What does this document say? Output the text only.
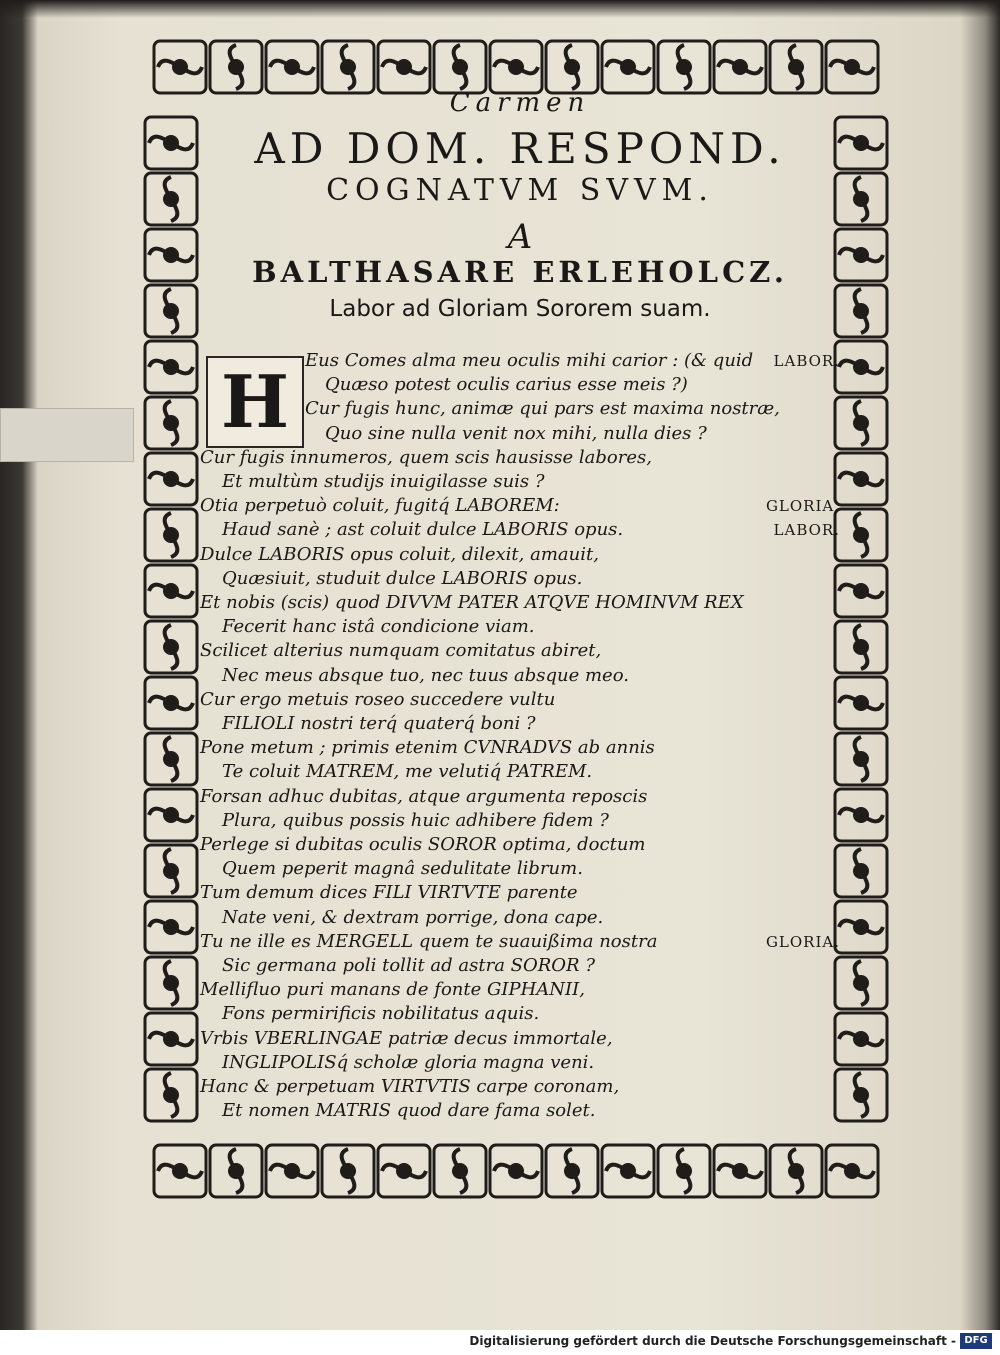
Carmen
AD DOM. RESPOND.
COGNATVM SVVM.
A
BALTHASARE ERLEHOLCZ.
Labor ad Gloriam Sororem suam.
H Eus Comes alma meu oculis mihi carior : (& quid	LABOR.
Quæso potest oculis carius esse meis ?)
Cur fugis hunc, animæ qui pars est maxima nostræ,
Quo sine nulla venit nox mihi, nulla dies ?
Cur fugis innumeros, quem scis hausisse labores,
Et multùm studijs inuigilasse suis ?
Otia perpetuò coluit, fugitq́ LABOREM:	GLORIA.
Haud sanè ; ast coluit dulce LABORIS opus.	LABOR.
Dulce LABORIS opus coluit, dilexit, amauit,
Quæsiuit, studuit dulce LABORIS opus.
Et nobis (scis) quod DIVVM PATER ATQVE HOMINVM REX
Fecerit hanc istâ condicione viam.
Scilicet alterius numquam comitatus abiret,
Nec meus absque tuo, nec tuus absque meo.
Cur ergo metuis roseo succedere vultu
FILIOLI nostri terq́ quaterq́ boni ?
Pone metum ; primis etenim CVNRADVS ab annis
Te coluit MATREM, me velutiq́ PATREM.
Forsan adhuc dubitas, atque argumenta reposcis
Plura, quibus possis huic adhibere fidem ?
Perlege si dubitas oculis SOROR optima, doctum
Quem peperit magnâ sedulitate librum.
Tum demum dices FILI VIRTVTE parente
Nate veni, & dextram porrige, dona cape.
Tu ne ille es MERGELL quem te suauißima nostra	GLORIA.
Sic germana poli tollit ad astra SOROR ?
Mellifluo puri manans de fonte GIPHANII,
Fons permirificis nobilitatus aquis.
Vrbis VBERLINGAE patriæ decus immortale,
INGLIPOLISq́ scholæ gloria magna veni.
Hanc & perpetuam VIRTVTIS carpe coronam,
Et nomen MATRIS quod dare fama solet.
Digitalisierung gefördert durch die Deutsche Forschungsgemeinschaft - DFG
